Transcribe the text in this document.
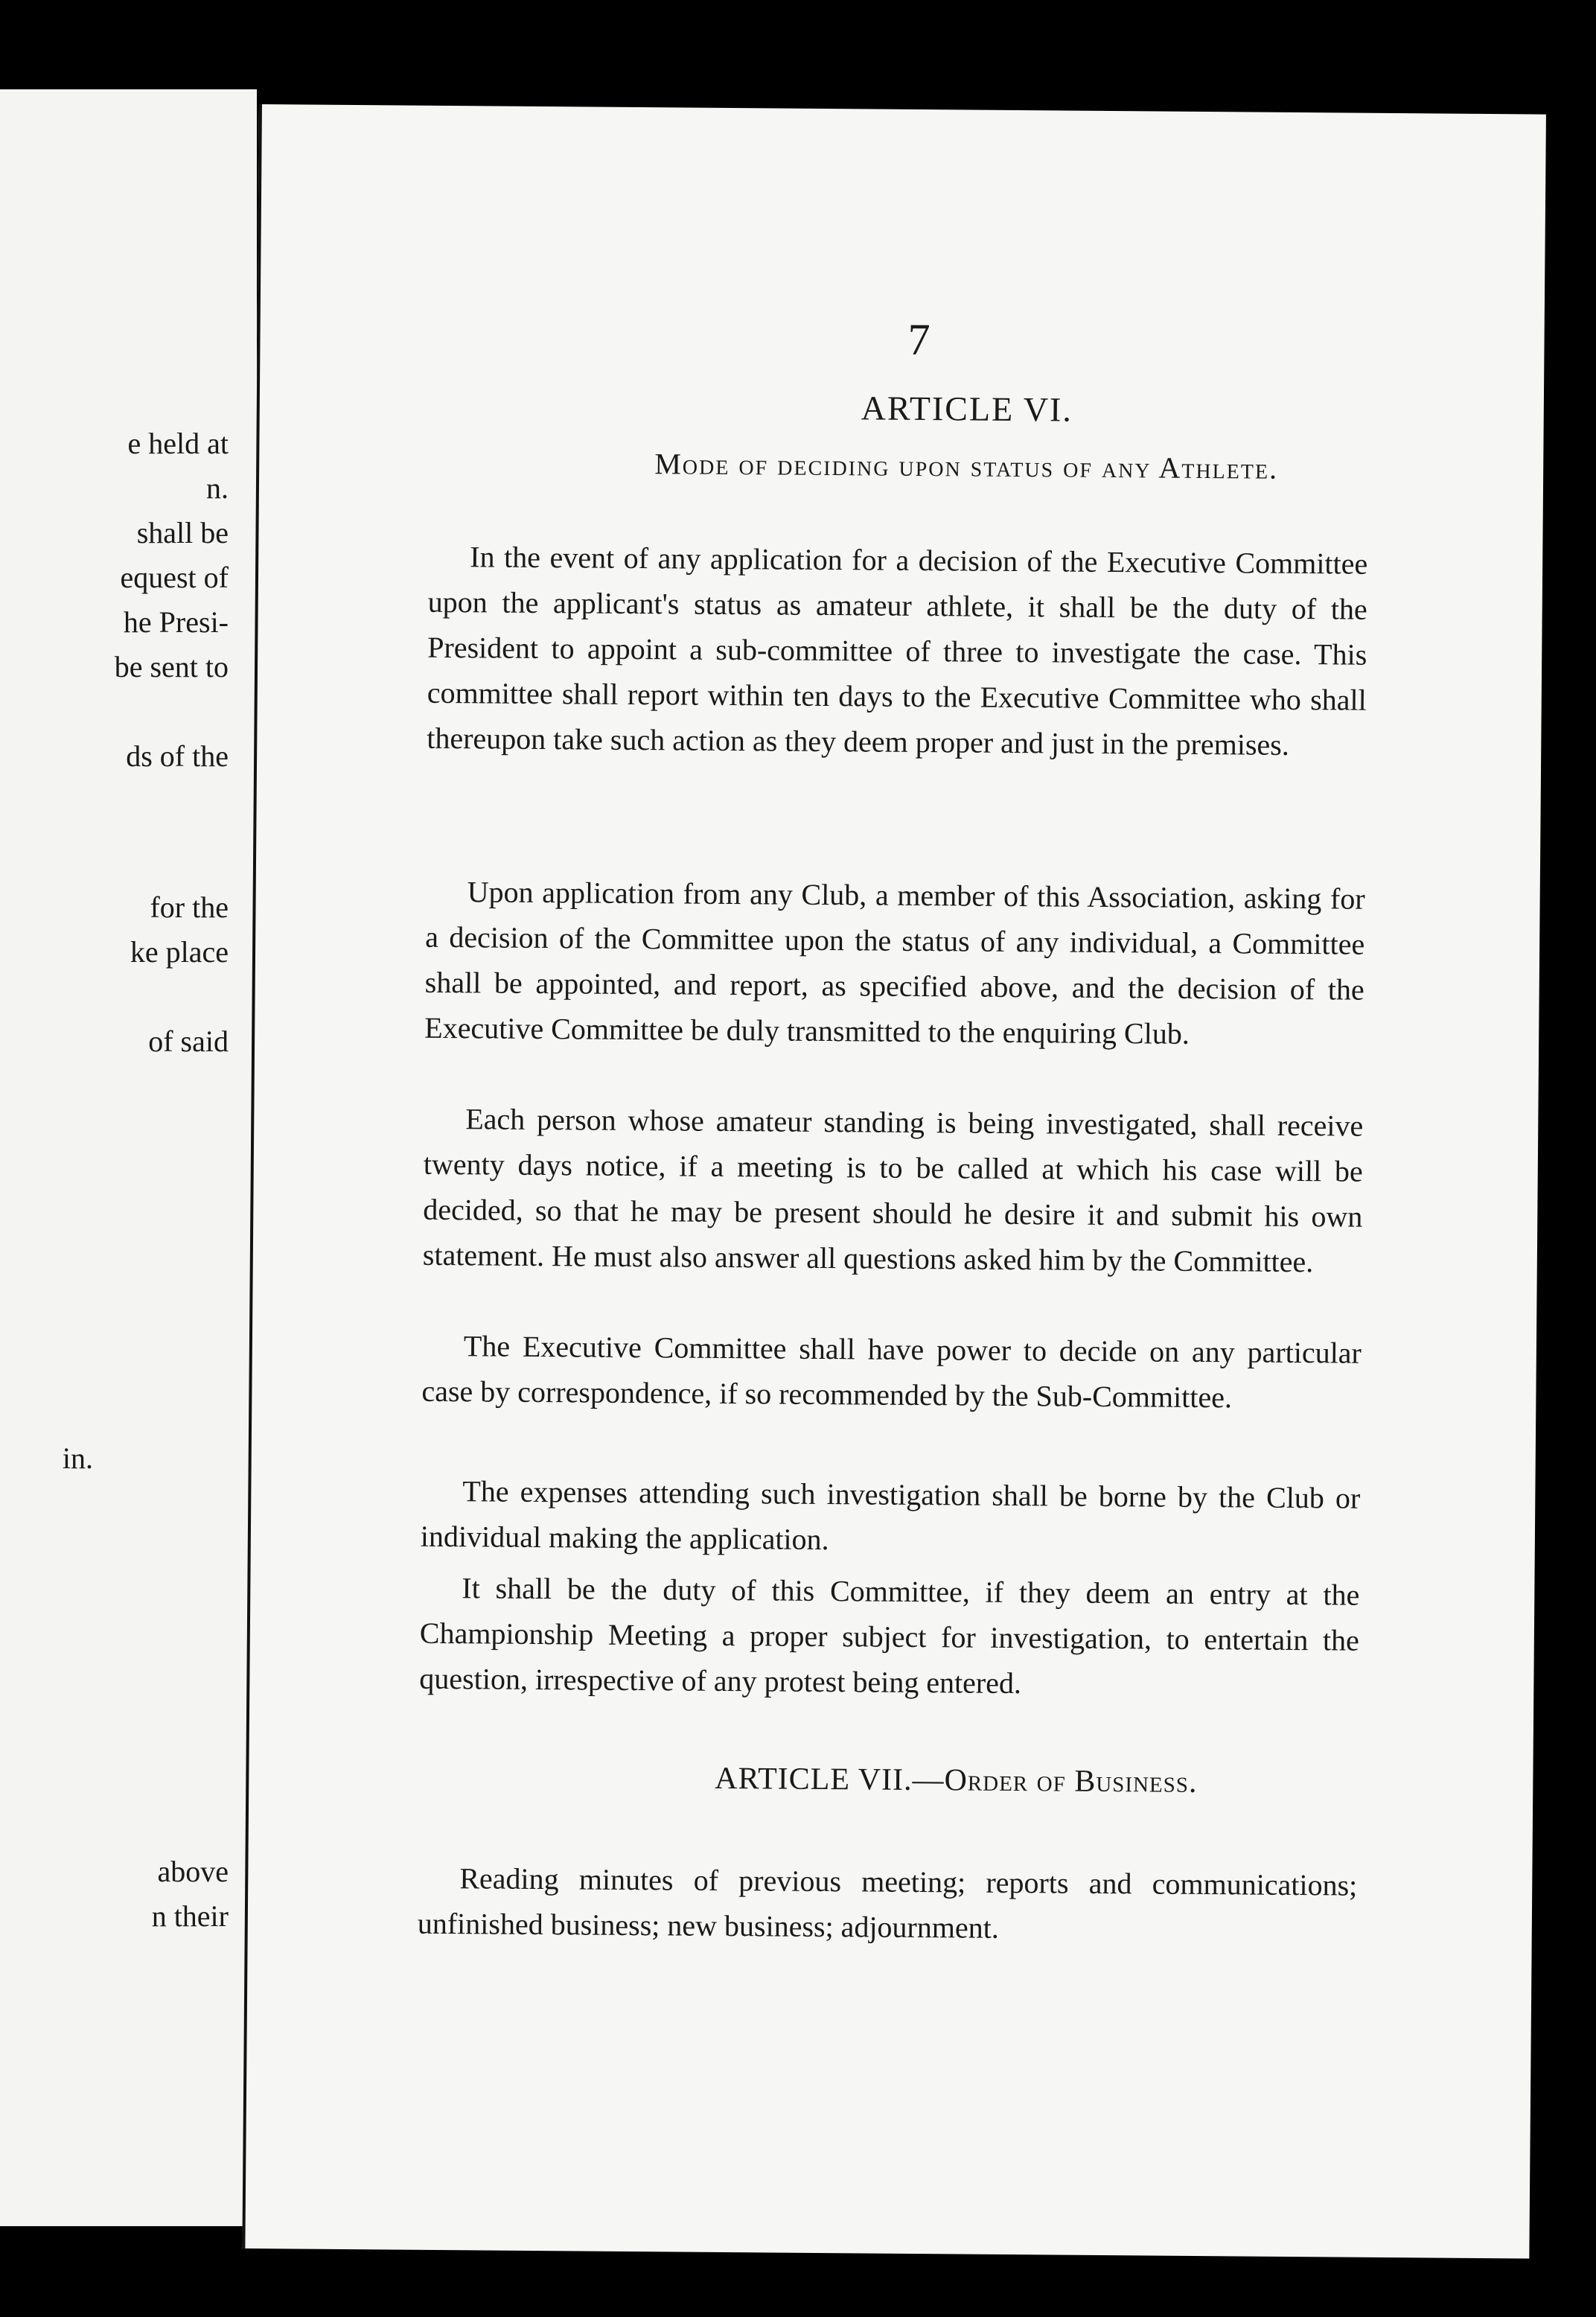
e held at
n.
shall be
equest of
he Presi-
be sent to
ds of the
for the
ke place
of said
in.
above
n their
7
ARTICLE VI.
Mode of deciding upon status of any Athlete.

In the event of any application for a decision of the Executive Committee upon the applicant's status as amateur athlete, it shall be the duty of the President to appoint a sub-committee of three to investigate the case. This committee shall report within ten days to the Executive Committee who shall thereupon take such action as they deem proper and just in the premises.

Upon application from any Club, a member of this Association, asking for a decision of the Committee upon the status of any individual, a Committee shall be appointed, and report, as specified above, and the decision of the Executive Committee be duly transmitted to the enquiring Club.

Each person whose amateur standing is being investigated, shall receive twenty days notice, if a meeting is to be called at which his case will be decided, so that he may be present should he desire it and submit his own statement. He must also answer all questions asked him by the Committee.

The Executive Committee shall have power to decide on any particular case by correspondence, if so recommended by the Sub-Committee.

The expenses attending such investigation shall be borne by the Club or individual making the application.

It shall be the duty of this Committee, if they deem an entry at the Championship Meeting a proper subject for investigation, to entertain the question, irrespective of any protest being entered.

ARTICLE VII.—Order of Business.

Reading minutes of previous meeting; reports and communications; unfinished business; new business; adjournment.
